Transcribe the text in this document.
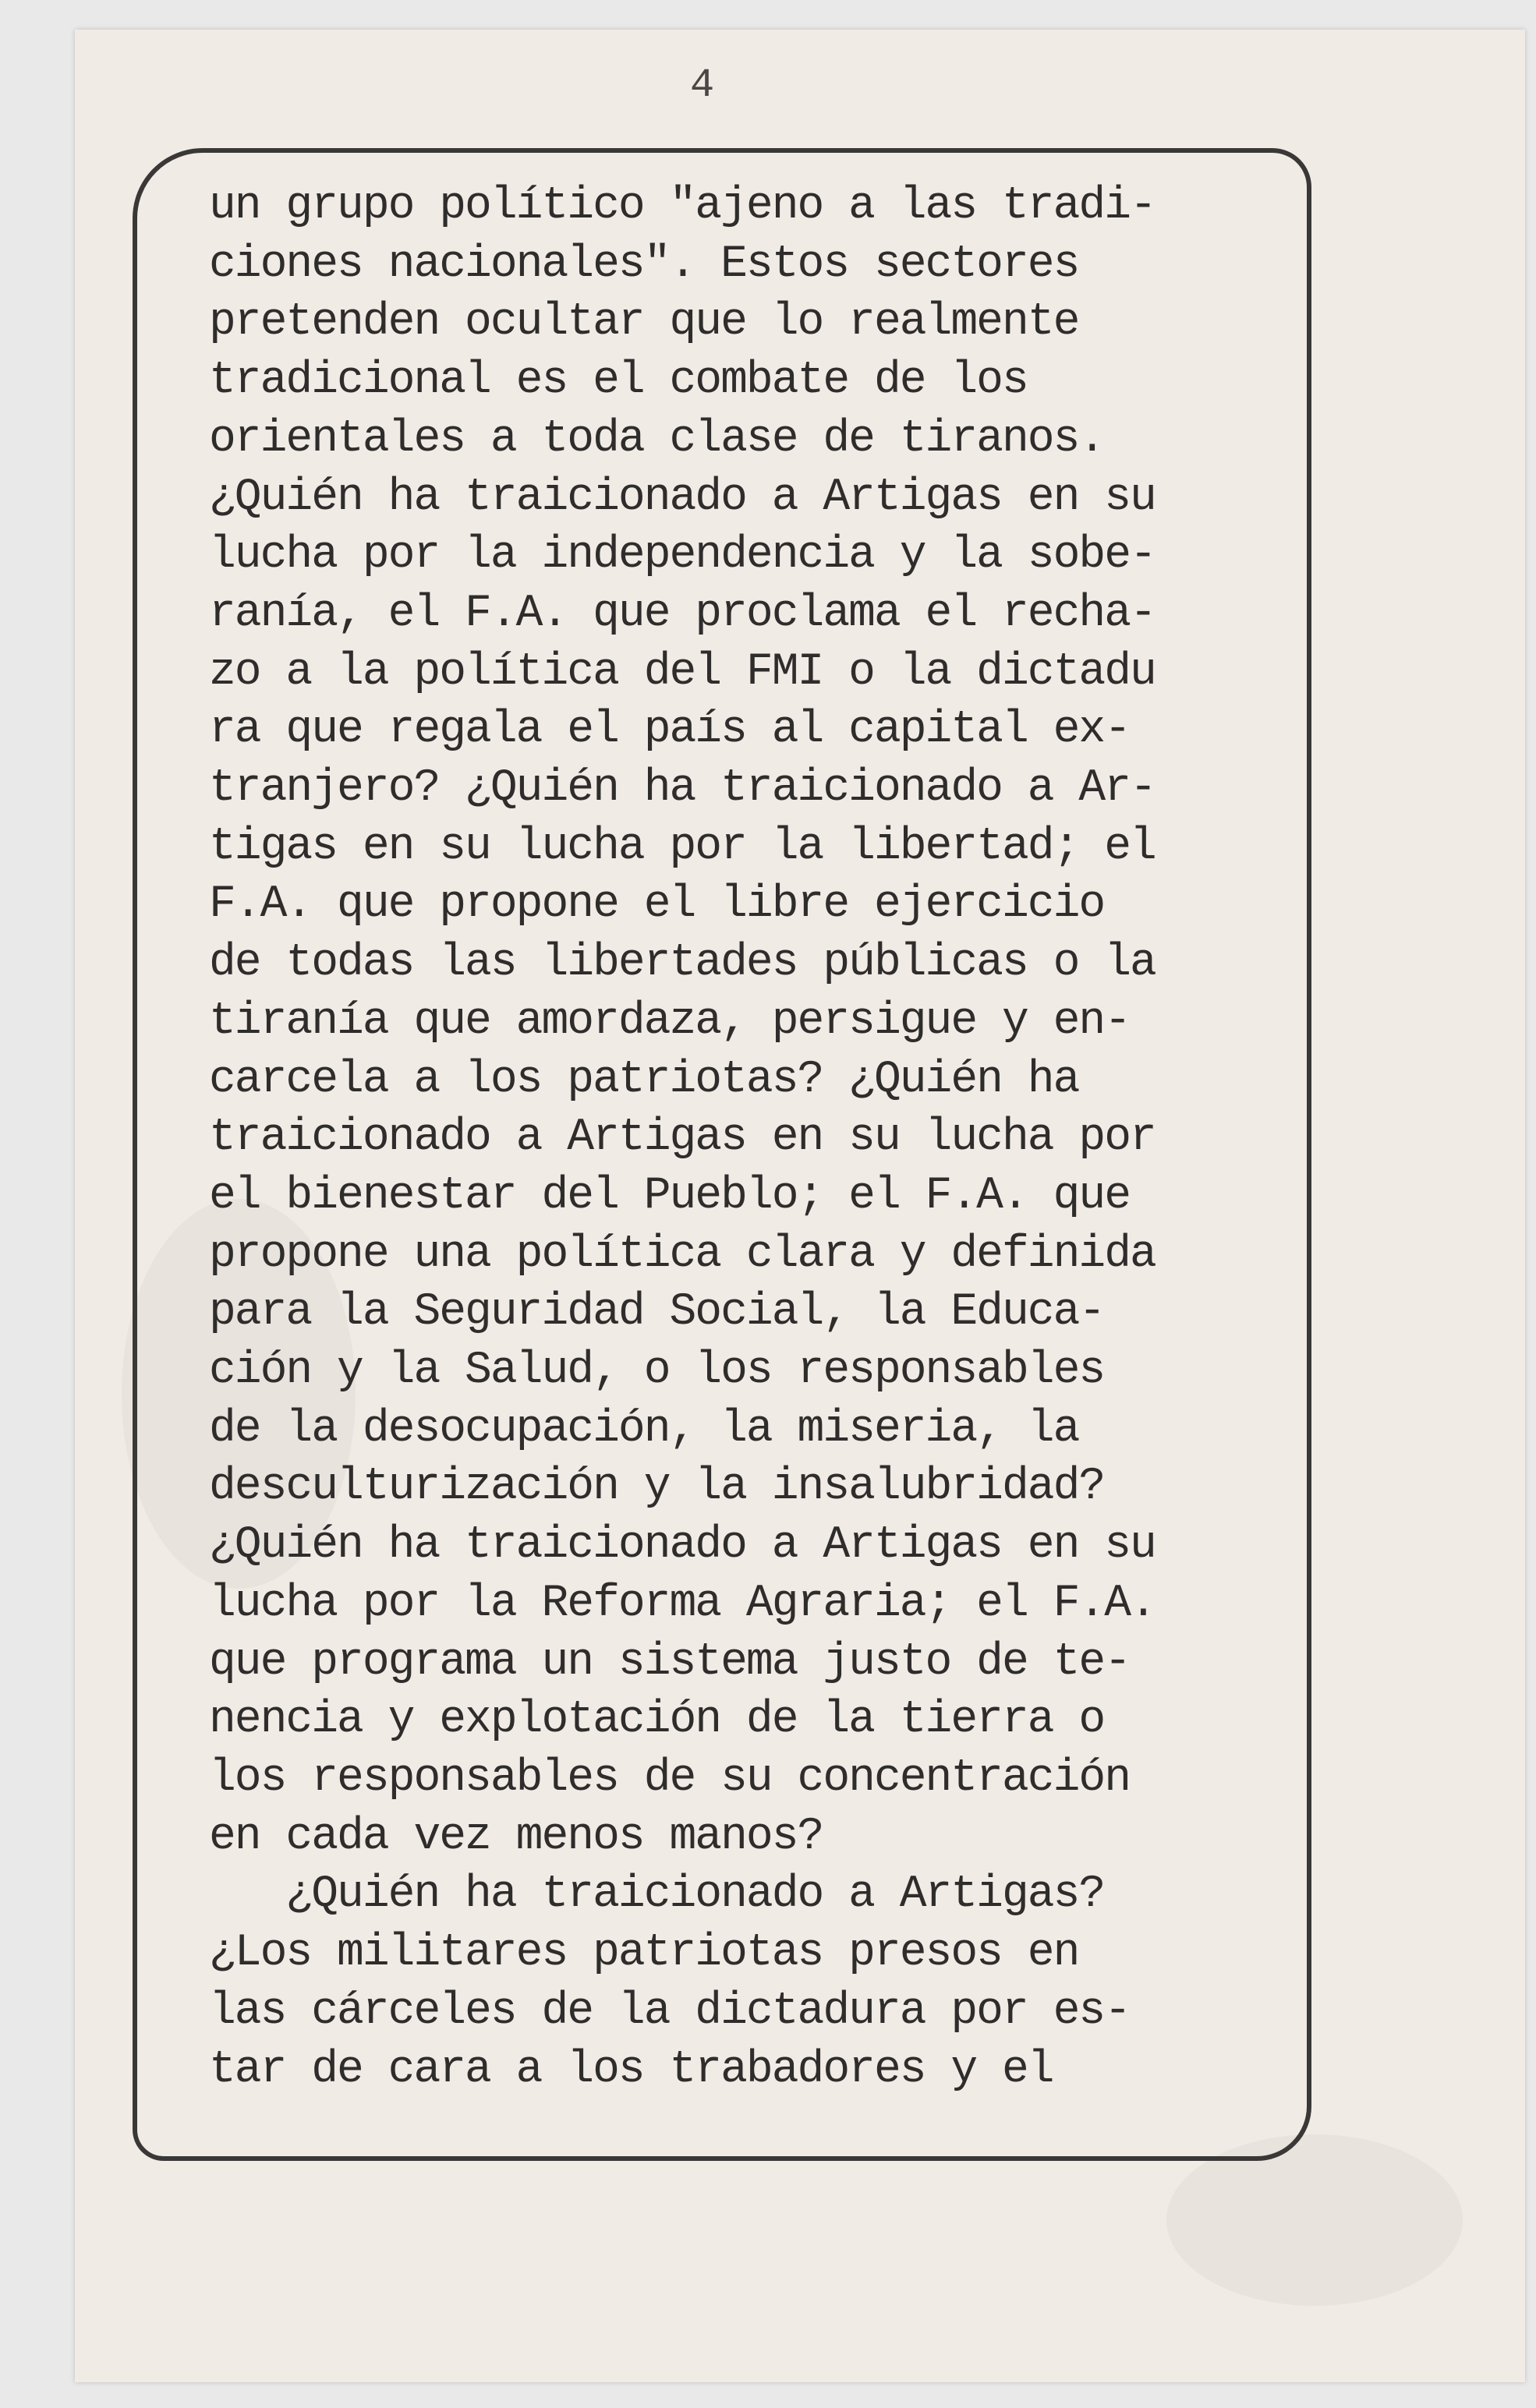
4

un grupo político "ajeno a las tradi-

ciones nacionales". Estos sectores

pretenden ocultar que lo realmente

tradicional es el combate de los

orientales a toda clase de tiranos.

¿Quién ha traicionado a Artigas en su

lucha por la independencia y la sobe-

ranía, el F.A. que proclama el recha-

zo a la política del FMI o la dictadu

ra que regala el país al capital ex-

tranjero? ¿Quién ha traicionado a Ar-

tigas en su lucha por la libertad; el

F.A. que propone el libre ejercicio

de todas las libertades públicas o la

tiranía que amordaza, persigue y en-

carcela a los patriotas? ¿Quién ha

traicionado a Artigas en su lucha por

el bienestar del Pueblo; el F.A. que

propone una política clara y definida

para la Seguridad Social, la Educa-

ción y la Salud, o los responsables

de la desocupación, la miseria, la

desculturización y la insalubridad?

¿Quién ha traicionado a Artigas en su

lucha por la Reforma Agraria; el F.A.

que programa un sistema justo de te-

nencia y explotación de la tierra o

los responsables de su concentración

en cada vez menos manos?

¿Quién ha traicionado a Artigas?

¿Los militares patriotas presos en

las cárceles de la dictadura por es-

tar de cara a los trabadores y el
